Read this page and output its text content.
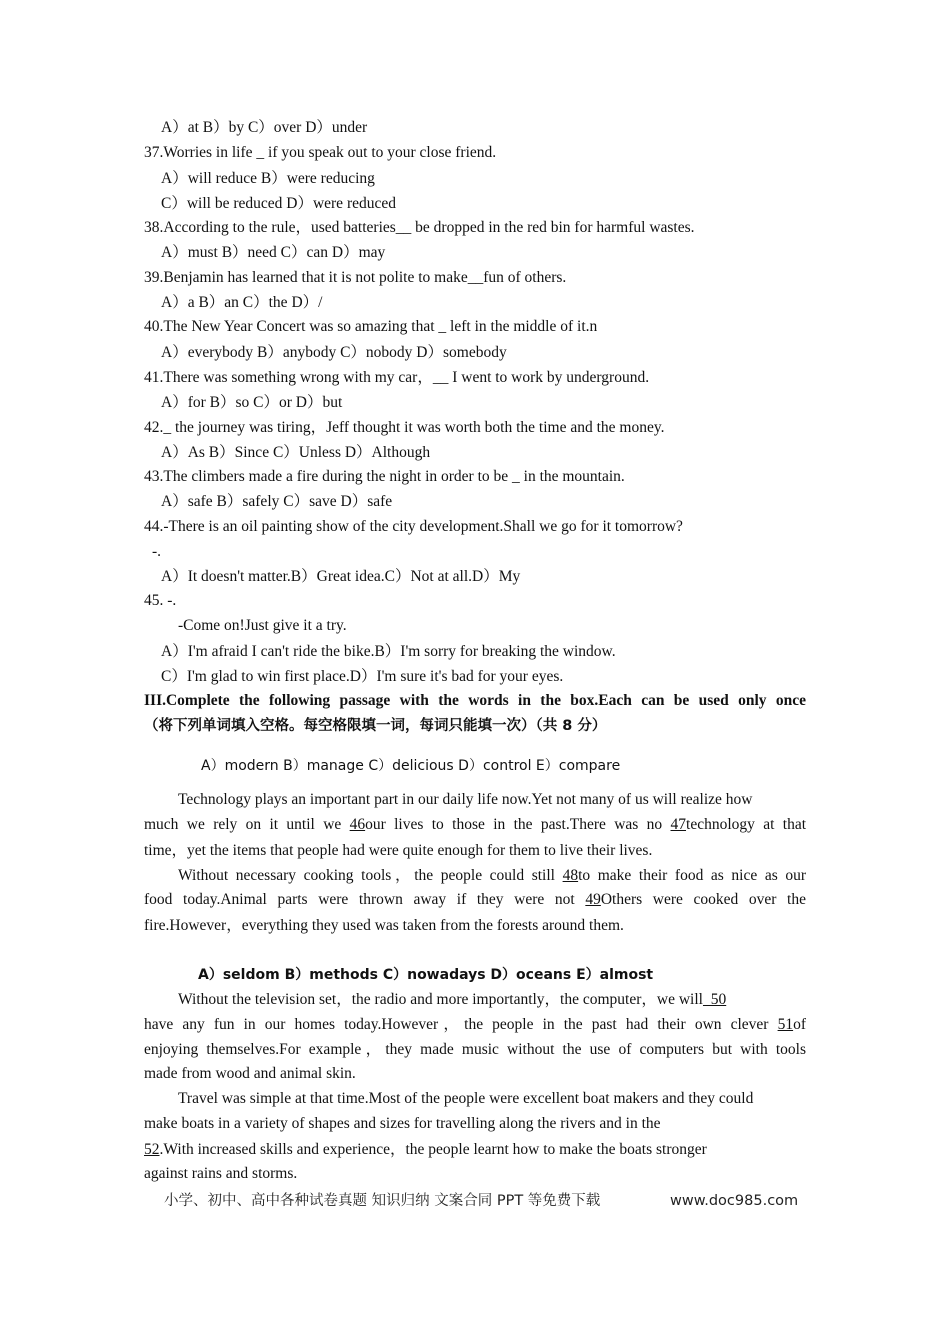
A）at B）by C）over D）under
37.Worries in life _ if you speak out to your close friend.
A）will reduce B）were reducing
C）will be reduced D）were reduced
38.According to the rule，used batteries__ be dropped in the red bin for harmful wastes.
A）must B）need C）can D）may
39.Benjamin has learned that it is not polite to make__fun of others.
A）a B）an C）the D）/
40.The New Year Concert was so amazing that _ left in the middle of it.n
A）everybody B）anybody C）nobody D）somebody
41.There was something wrong with my car，__ I went to work by underground.
A）for B）so C）or D）but
42._ the journey was tiring，Jeff thought it was worth both the time and the money.
A）As B）Since C）Unless D）Although
43.The climbers made a fire during the night in order to be _ in the mountain.
A）safe B）safely C）save D）safe
44.-There is an oil painting show of the city development.Shall we go for it tomorrow?
-.
A）It doesn't matter.B）Great idea.C）Not at all.D）My
45. -.
-Come on!Just give it a try.
A）I'm afraid I can't ride the bike.B）I'm sorry for breaking the window.
C）I'm glad to win first place.D）I'm sure it's bad for your eyes.
III.Complete the following passage with the words in the box.Each can be used only once
（将下列单词填入空格。每空格限填一词，每词只能填一次）（共 8 分）
A）modern B）manage C）delicious D）control E）compare
Technology plays an important part in our daily life now.Yet not many of us will realize how
much we rely on it until we 46our lives to those in the past.There was no 47technology at that
time，yet the items that people had were quite enough for them to live their lives.
Without necessary cooking tools，the people could still 48to make their food as nice as our
food today.Animal parts were thrown away if they were not 49Others were cooked over the
fire.However，everything they used was taken from the forests around them.
A）seldom B）methods C）nowadays D）oceans E）almost
Without the television set，the radio and more importantly，the computer，we will  50
have any fun in our homes today.However，the people in the past had their own clever 51of
enjoying themselves.For example，they made music without the use of computers but with tools
made from wood and animal skin.
Travel was simple at that time.Most of the people were excellent boat makers and they could
make boats in a variety of shapes and sizes for travelling along the rivers and in the
52.With increased skills and experience，the people learnt how to make the boats stronger
against rains and storms.
小学、初中、高中各种试卷真题 知识归纳 文案合同 PPT 等免费下载	www.doc985.com
